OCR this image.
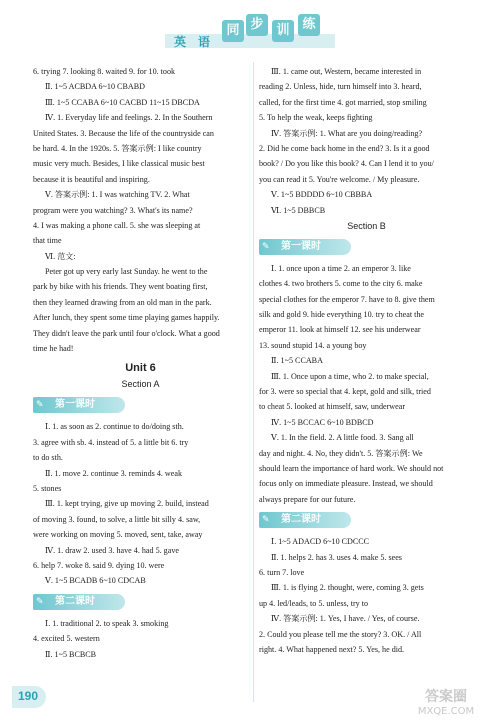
英 语
同 步 训 练
6. trying 7. looking 8. waited 9. for 10. took
Ⅱ. 1~5 ACBDA 6~10 CBABD
Ⅲ. 1~5 CCABA 6~10 CACBD 11~15 DBCDA
Ⅳ. 1. Everyday life and feelings. 2. In the Southern
United States. 3. Because the life of the countryside can
be hard. 4. In the 1920s. 5. 答案示例: I like country
music very much. Besides, I like classical music best
because it is beautiful and inspiring.
Ⅴ. 答案示例: 1. I was watching TV. 2. What
program were you watching? 3. What's its name?
4. I was making a phone call. 5. she was sleeping at
that time
Ⅵ. 范文:
Peter got up very early last Sunday. he went to the
park by bike with his friends. They went boating first,
then they learned drawing from an old man in the park.
After lunch, they spent some time playing games happily.
They didn't leave the park until four o'clock. What a good
time he had!
Unit 6
Section A
✎	第一课时
Ⅰ. 1. as soon as 2. continue to do/doing sth.
3. agree with sb. 4. instead of 5. a little bit 6. try
to do sth.
Ⅱ. 1. move 2. continue 3. reminds 4. weak
5. stones
Ⅲ. 1. kept trying, give up moving 2. build, instead
of moving 3. found, to solve, a little bit silly 4. saw,
were working on moving 5. moved, sent, take, away
Ⅳ. 1. draw 2. used 3. have 4. had 5. gave
6. help 7. woke 8. said 9. dying 10. were
Ⅴ. 1~5 BCADB 6~10 CDCAB
✎	第二课时
Ⅰ. 1. traditional 2. to speak 3. smoking
4. excited 5. western
Ⅱ. 1~5 BCBCB
Ⅲ. 1. came out, Western, became interested in
reading 2. Unless, hide, turn himself into 3. heard,
called, for the first time 4. got married, stop smiling
5. To help the weak, keeps fighting
Ⅳ. 答案示例: 1. What are you doing/reading?
2. Did he come back home in the end? 3. Is it a good
book? / Do you like this book? 4. Can I lend it to you/
you can read it 5. You're welcome. / My pleasure.
Ⅴ. 1~5 BDDDD 6~10 CBBBA
Ⅵ. 1~5 DBBCB
Section B
✎	第一课时
Ⅰ. 1. once upon a time 2. an emperor 3. like
clothes 4. two brothers 5. come to the city 6. make
special clothes for the emperor 7. have to 8. give them
silk and gold 9. hide everything 10. try to cheat the
emperor 11. look at himself 12. see his underwear
13. sound stupid 14. a young boy
Ⅱ. 1~5 CCABA
Ⅲ. 1. Once upon a time, who 2. to make special,
for 3. were so special that 4. kept, gold and silk, tried
to cheat 5. looked at himself, saw, underwear
Ⅳ. 1~5 BCCAC 6~10 BDBCD
Ⅴ. 1. In the field. 2. A little food. 3. Sang all
day and night. 4. No, they didn't. 5. 答案示例: We
should learn the importance of hard work. We should not
focus only on immediate pleasure. Instead, we should
always prepare for our future.
✎	第二课时
Ⅰ. 1~5 ADACD 6~10 CDCCC
Ⅱ. 1. helps 2. has 3. uses 4. make 5. sees
6. turn 7. love
Ⅲ. 1. is flying 2. thought, were, coming 3. gets
up 4. led/leads, to 5. unless, try to
Ⅳ. 答案示例: 1. Yes, I have. / Yes, of course.
2. Could you please tell me the story? 3. OK. / All
right. 4. What happened next? 5. Yes, he did.
190	答案圈
MXQE.COM
